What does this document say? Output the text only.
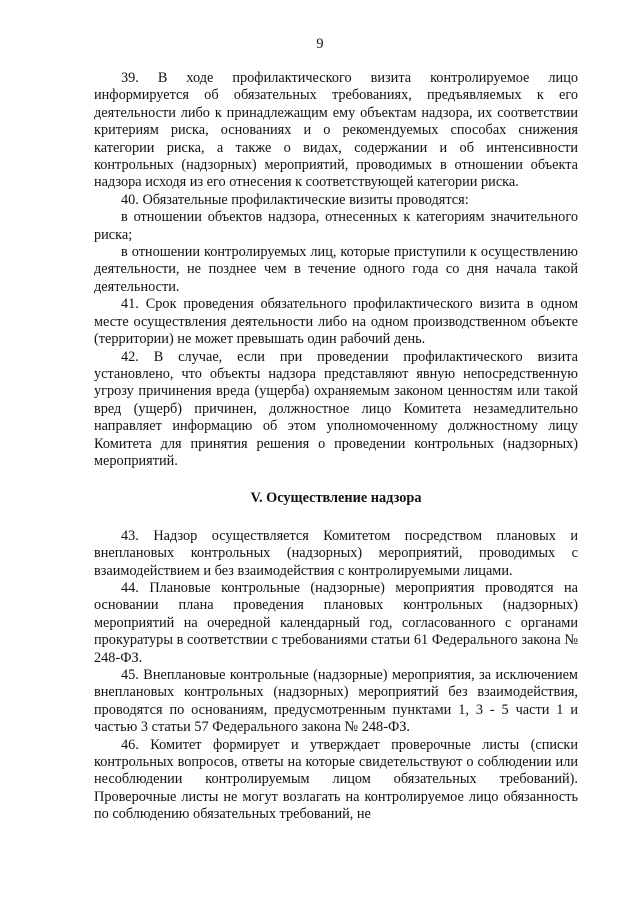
9

39. В ходе профилактического визита контролируемое лицо информируется об обязательных требованиях, предъявляемых к его деятельности либо к принадлежащим ему объектам надзора, их соответствии критериям риска, основаниях и о рекомендуемых способах снижения категории риска, а также о видах, содержании и об интенсивности контрольных (надзорных) мероприятий, проводимых в отношении объекта надзора исходя из его отнесения к соответствующей категории риска.

40. Обязательные профилактические визиты проводятся:

в отношении объектов надзора, отнесенных к категориям значительного риска;

в отношении контролируемых лиц, которые приступили к осуществлению деятельности, не позднее чем в течение одного года со дня начала такой деятельности.

41. Срок проведения обязательного профилактического визита в одном месте осуществления деятельности либо на одном производственном объекте (территории) не может превышать один рабочий день.

42. В случае, если при проведении профилактического визита установлено, что объекты надзора представляют явную непосредственную угрозу причинения вреда (ущерба) охраняемым законом ценностям или такой вред (ущерб) причинен, должностное лицо Комитета незамедлительно направляет информацию об этом уполномоченному должностному лицу Комитета для принятия решения о проведении контрольных (надзорных) мероприятий.

V. Осуществление надзора

43. Надзор осуществляется Комитетом посредством плановых и внеплановых контрольных (надзорных) мероприятий, проводимых с взаимодействием и без взаимодействия с контролируемыми лицами.

44. Плановые контрольные (надзорные) мероприятия проводятся на основании плана проведения плановых контрольных (надзорных) мероприятий на очередной календарный год, согласованного с органами прокуратуры в соответствии с требованиями статьи 61 Федерального закона № 248-ФЗ.

45. Внеплановые контрольные (надзорные) мероприятия, за исключением внеплановых контрольных (надзорных) мероприятий без взаимодействия, проводятся по основаниям, предусмотренным пунктами 1, 3 - 5 части 1 и частью 3 статьи 57 Федерального закона № 248-ФЗ.

46. Комитет формирует и утверждает проверочные листы (списки контрольных вопросов, ответы на которые свидетельствуют о соблюдении или несоблюдении контролируемым лицом обязательных требований). Проверочные листы не могут возлагать на контролируемое лицо обязанность по соблюдению обязательных требований, не
